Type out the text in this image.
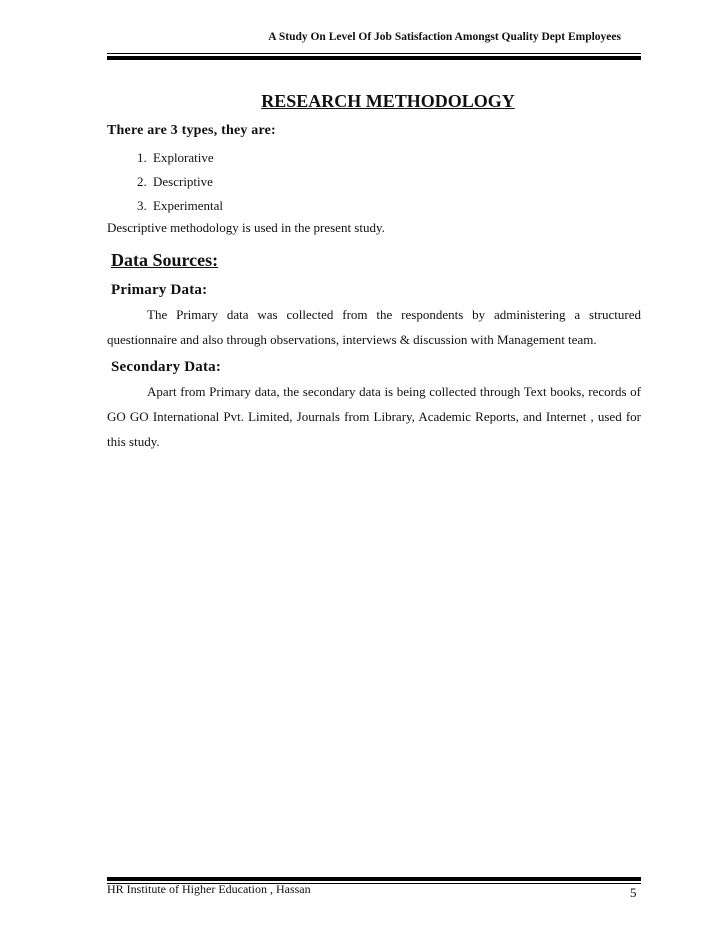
A Study On Level Of Job Satisfaction Amongst Quality Dept Employees
RESEARCH METHODOLOGY
There are 3 types, they are:
1. Explorative
2. Descriptive
3. Experimental
Descriptive methodology is used in the present study.
Data Sources:
Primary Data:

The Primary data was collected from the respondents by administering a structured questionnaire and also through observations, interviews & discussion with Management team.

Secondary Data:

Apart from Primary data, the secondary data is being collected through Text books, records of GO GO International Pvt. Limited, Journals from Library, Academic Reports, and Internet , used for this study.

HR Institute of Higher Education , Hassan	5
